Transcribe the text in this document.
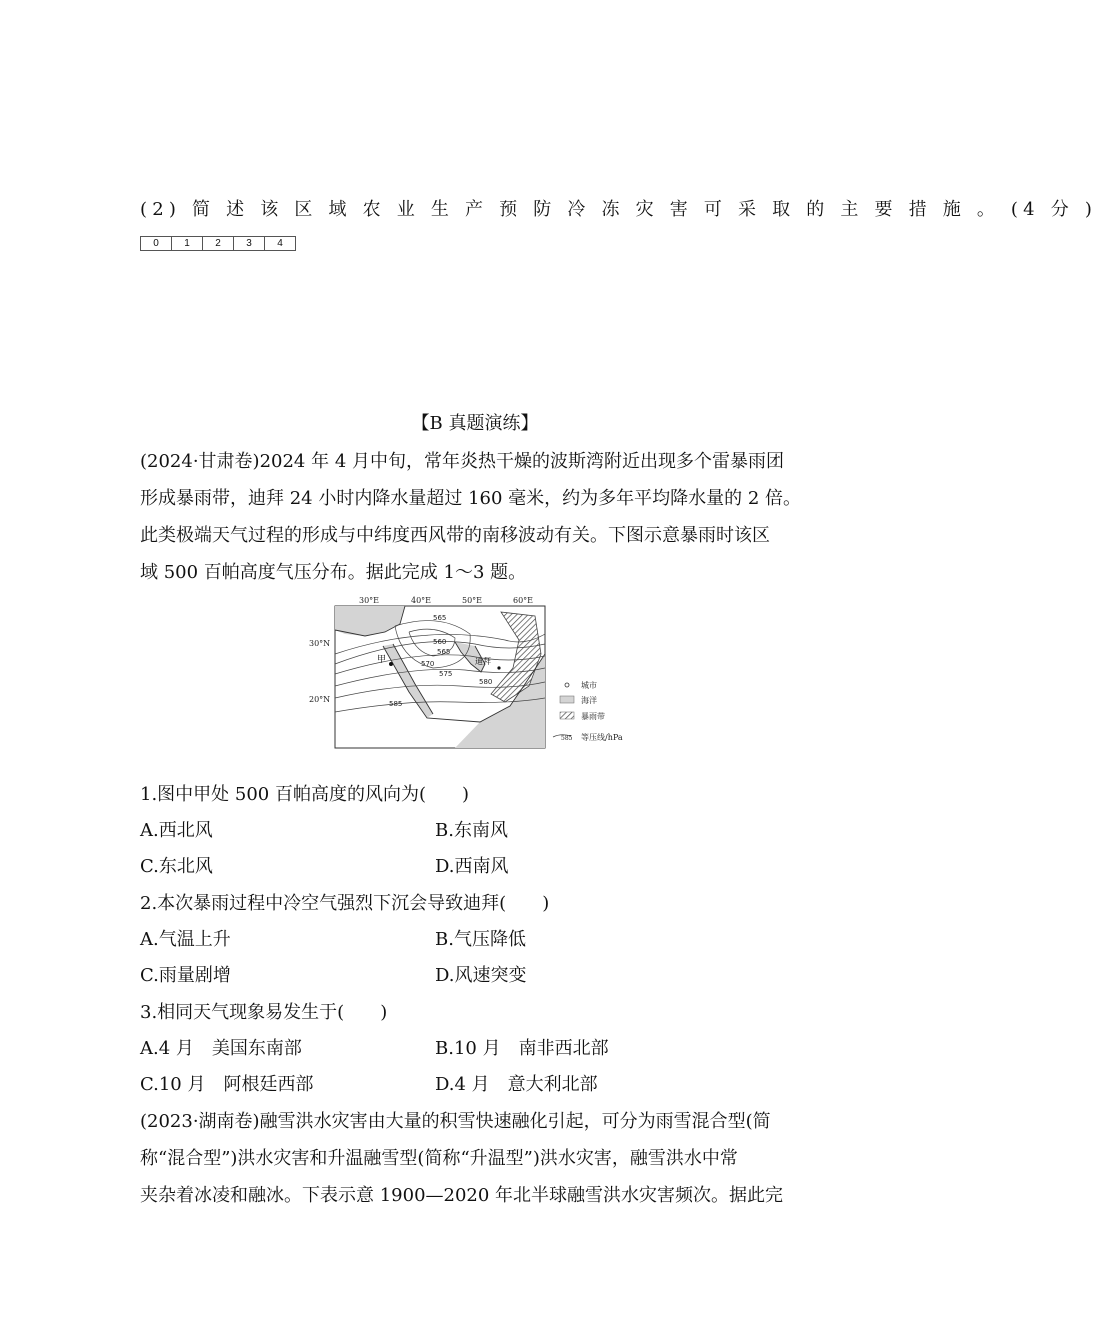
(2) 简 述 该 区 域 农 业 生 产 预 防 冷 冻 灾 害 可 采 取 的 主 要 措 施 。 (4 分 )
0	1	2	3	4
【B 真题演练】
(2024·甘肃卷)2024 年 4 月中旬，常年炎热干燥的波斯湾附近出现多个雷暴雨团
形成暴雨带，迪拜 24 小时内降水量超过 160 毫米，约为多年平均降水量的 2 倍。
此类极端天气过程的形成与中纬度西风带的南移波动有关。下图示意暴雨时该区
域 500 百帕高度气压分布。据此完成 1～3 题。
565
560
565
570
575
580
585
甲	迪拜
30°E	40°E	50°E	60°E
30°N
20°N
城市
海洋
暴雨带
585 等压线/hPa
1.图中甲处 500 百帕高度的风向为(　　)
A.西北风	B.东南风
C.东北风	D.西南风
2.本次暴雨过程中冷空气强烈下沉会导致迪拜(　　)
A.气温上升	B.气压降低
C.雨量剧增	D.风速突变
3.相同天气现象易发生于(　　)
A.4 月　美国东南部	B.10 月　南非西北部
C.10 月　阿根廷西部	D.4 月　意大利北部
(2023·湖南卷)融雪洪水灾害由大量的积雪快速融化引起，可分为雨雪混合型(简
称“混合型”)洪水灾害和升温融雪型(简称“升温型”)洪水灾害，融雪洪水中常
夹杂着冰凌和融冰。下表示意 1900—2020 年北半球融雪洪水灾害频次。据此完
